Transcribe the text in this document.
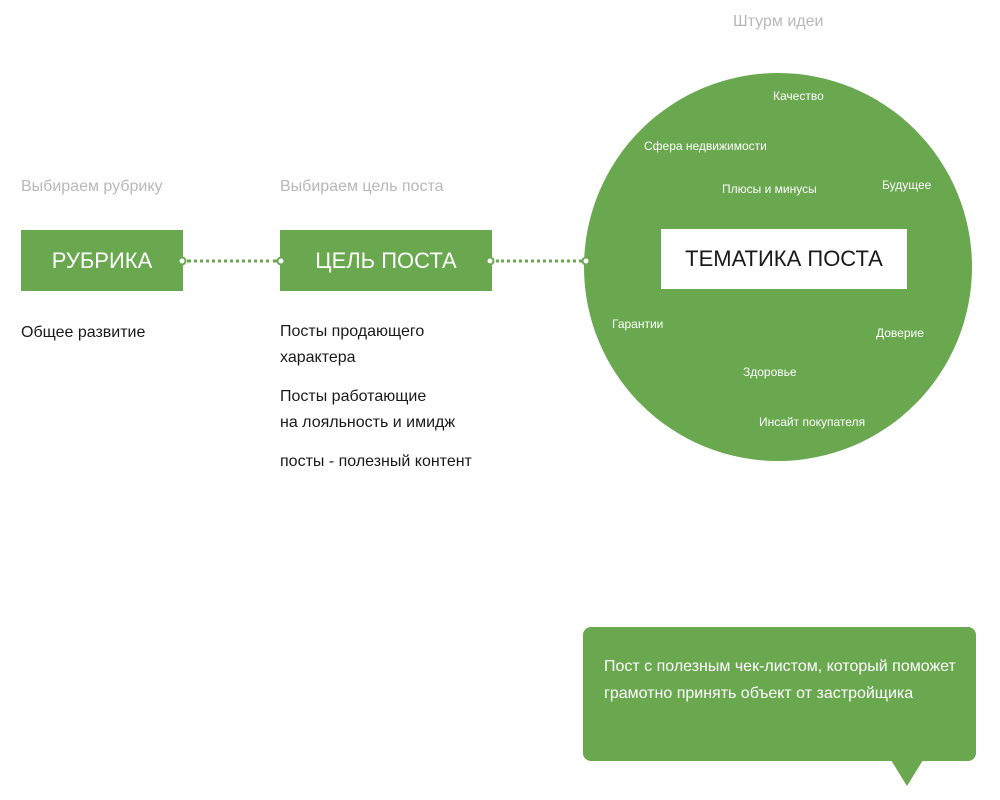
Штурм идеи
Выбираем рубрику	Выбираем цель поста
РУБРИКА	ЦЕЛЬ ПОСТА
Общее развитие	Посты продающего
характера
Посты работающие
на лояльность и имидж
посты - полезный контент
Качество
Сфера недвижимости
Будущее
Плюсы и минусы
Гарантии
Доверие
Здоровье
Инсайт покупателя
ТЕМАТИКА ПОСТА
Пост с полезным чек-листом, который поможет грамотно принять объект от застройщика
